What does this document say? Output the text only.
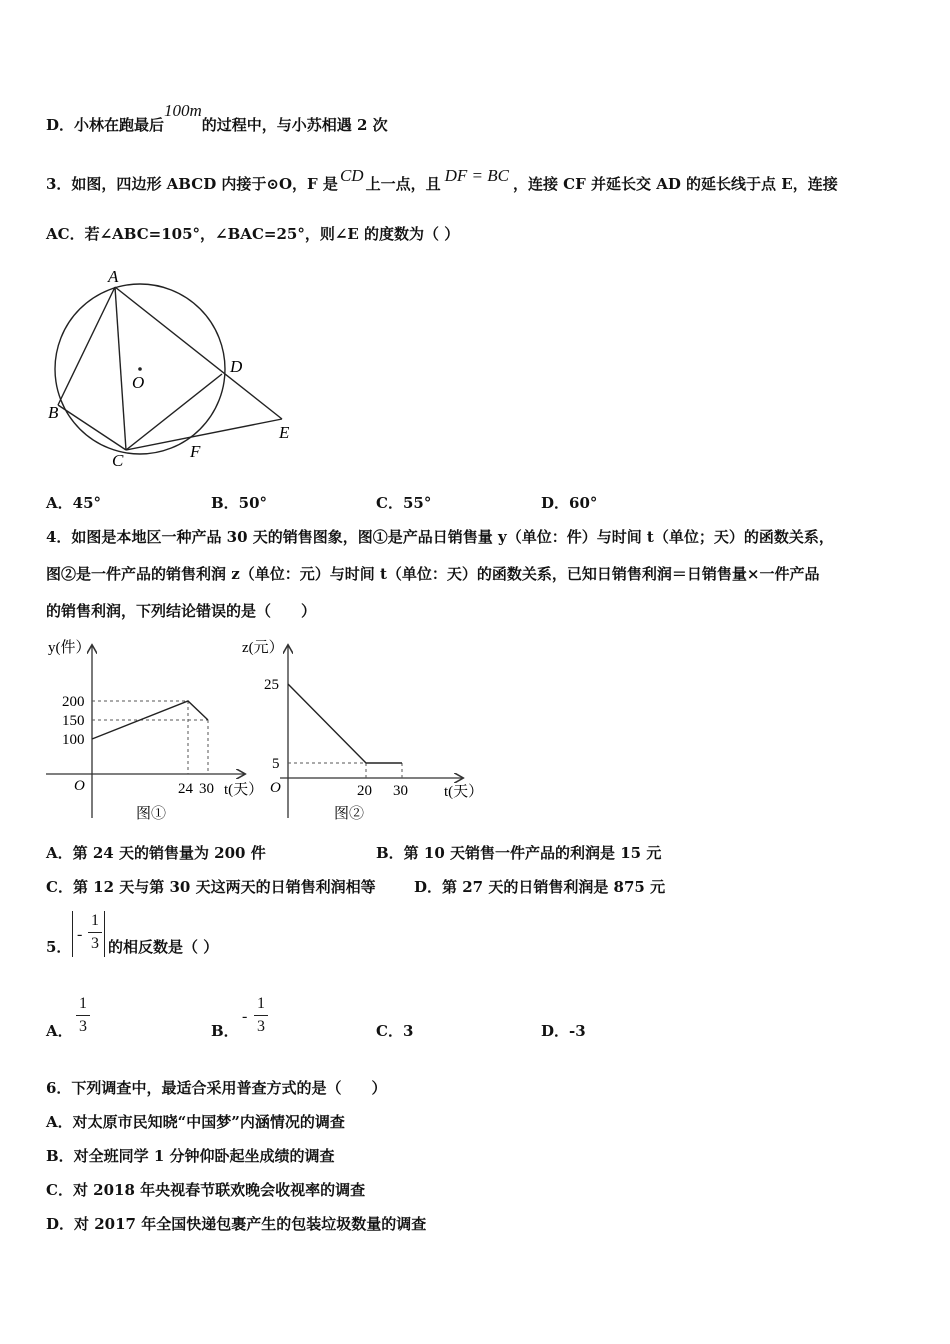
D．小林在跑最后100m的过程中，与小苏相遇 2 次
3．如图，四边形 ABCD 内接于⊙O，F 是 CD 上一点，且 DF = BC ，连接 CF 并延长交 AD 的延长线于点 E，连接
AC．若∠ABC=105°，∠BAC=25°，则∠E 的度数为（ ）
A
B
C
D
E
F
O
A．45°	B．50°	C．55°	D．60°
4．如图是本地区一种产品 30 天的销售图象，图①是产品日销售量 y（单位：件）与时间 t（单位；天）的函数关系，
图②是一件产品的销售利润 z（单位：元）与时间 t（单位：天）的函数关系，已知日销售利润＝日销售量×一件产品
的销售利润，下列结论错误的是（　　）
y(件）
200
150
100
O	24 30 t(天）
图①
z(元）
25
5
O	20 30 t(天）
图②
A．第 24 天的销售量为 200 件	B．第 10 天销售一件产品的利润是 15 元
C．第 12 天与第 30 天这两天的日销售利润相等	D．第 27 天的日销售利润是 875 元
5．
-
1
3 的相反数是（ ）
A．
1
3	B．
-
1
3	C．3	D．-3
6．下列调查中，最适合采用普查方式的是（　　）
A．对太原市民知晓“中国梦”内涵情况的调查
B．对全班同学 1 分钟仰卧起坐成绩的调查
C．对 2018 年央视春节联欢晚会收视率的调查
D．对 2017 年全国快递包裹产生的包装垃圾数量的调查
